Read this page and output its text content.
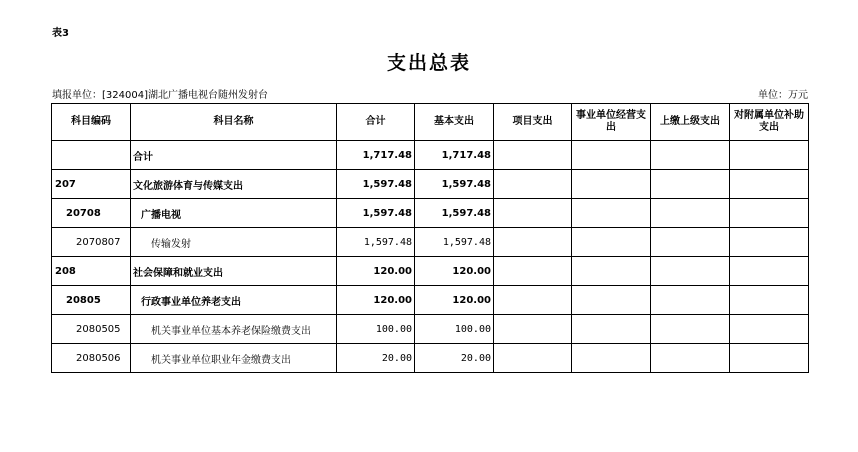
表3
支出总表
填报单位：[324004]湖北广播电视台随州发射台	单位：万元
科目编码	科目名称	合计	基本支出	项目支出	事业单位经营支出	上缴上级支出	对附属单位补助支出
	合计	1,717.48	1,717.48				
207	文化旅游体育与传媒支出	1,597.48	1,597.48				
20708	广播电视	1,597.48	1,597.48				
2070807	传输发射	1,597.48	1,597.48				
208	社会保障和就业支出	120.00	120.00				
20805	行政事业单位养老支出	120.00	120.00				
2080505	机关事业单位基本养老保险缴费支出	100.00	100.00				
2080506	机关事业单位职业年金缴费支出	20.00	20.00				
